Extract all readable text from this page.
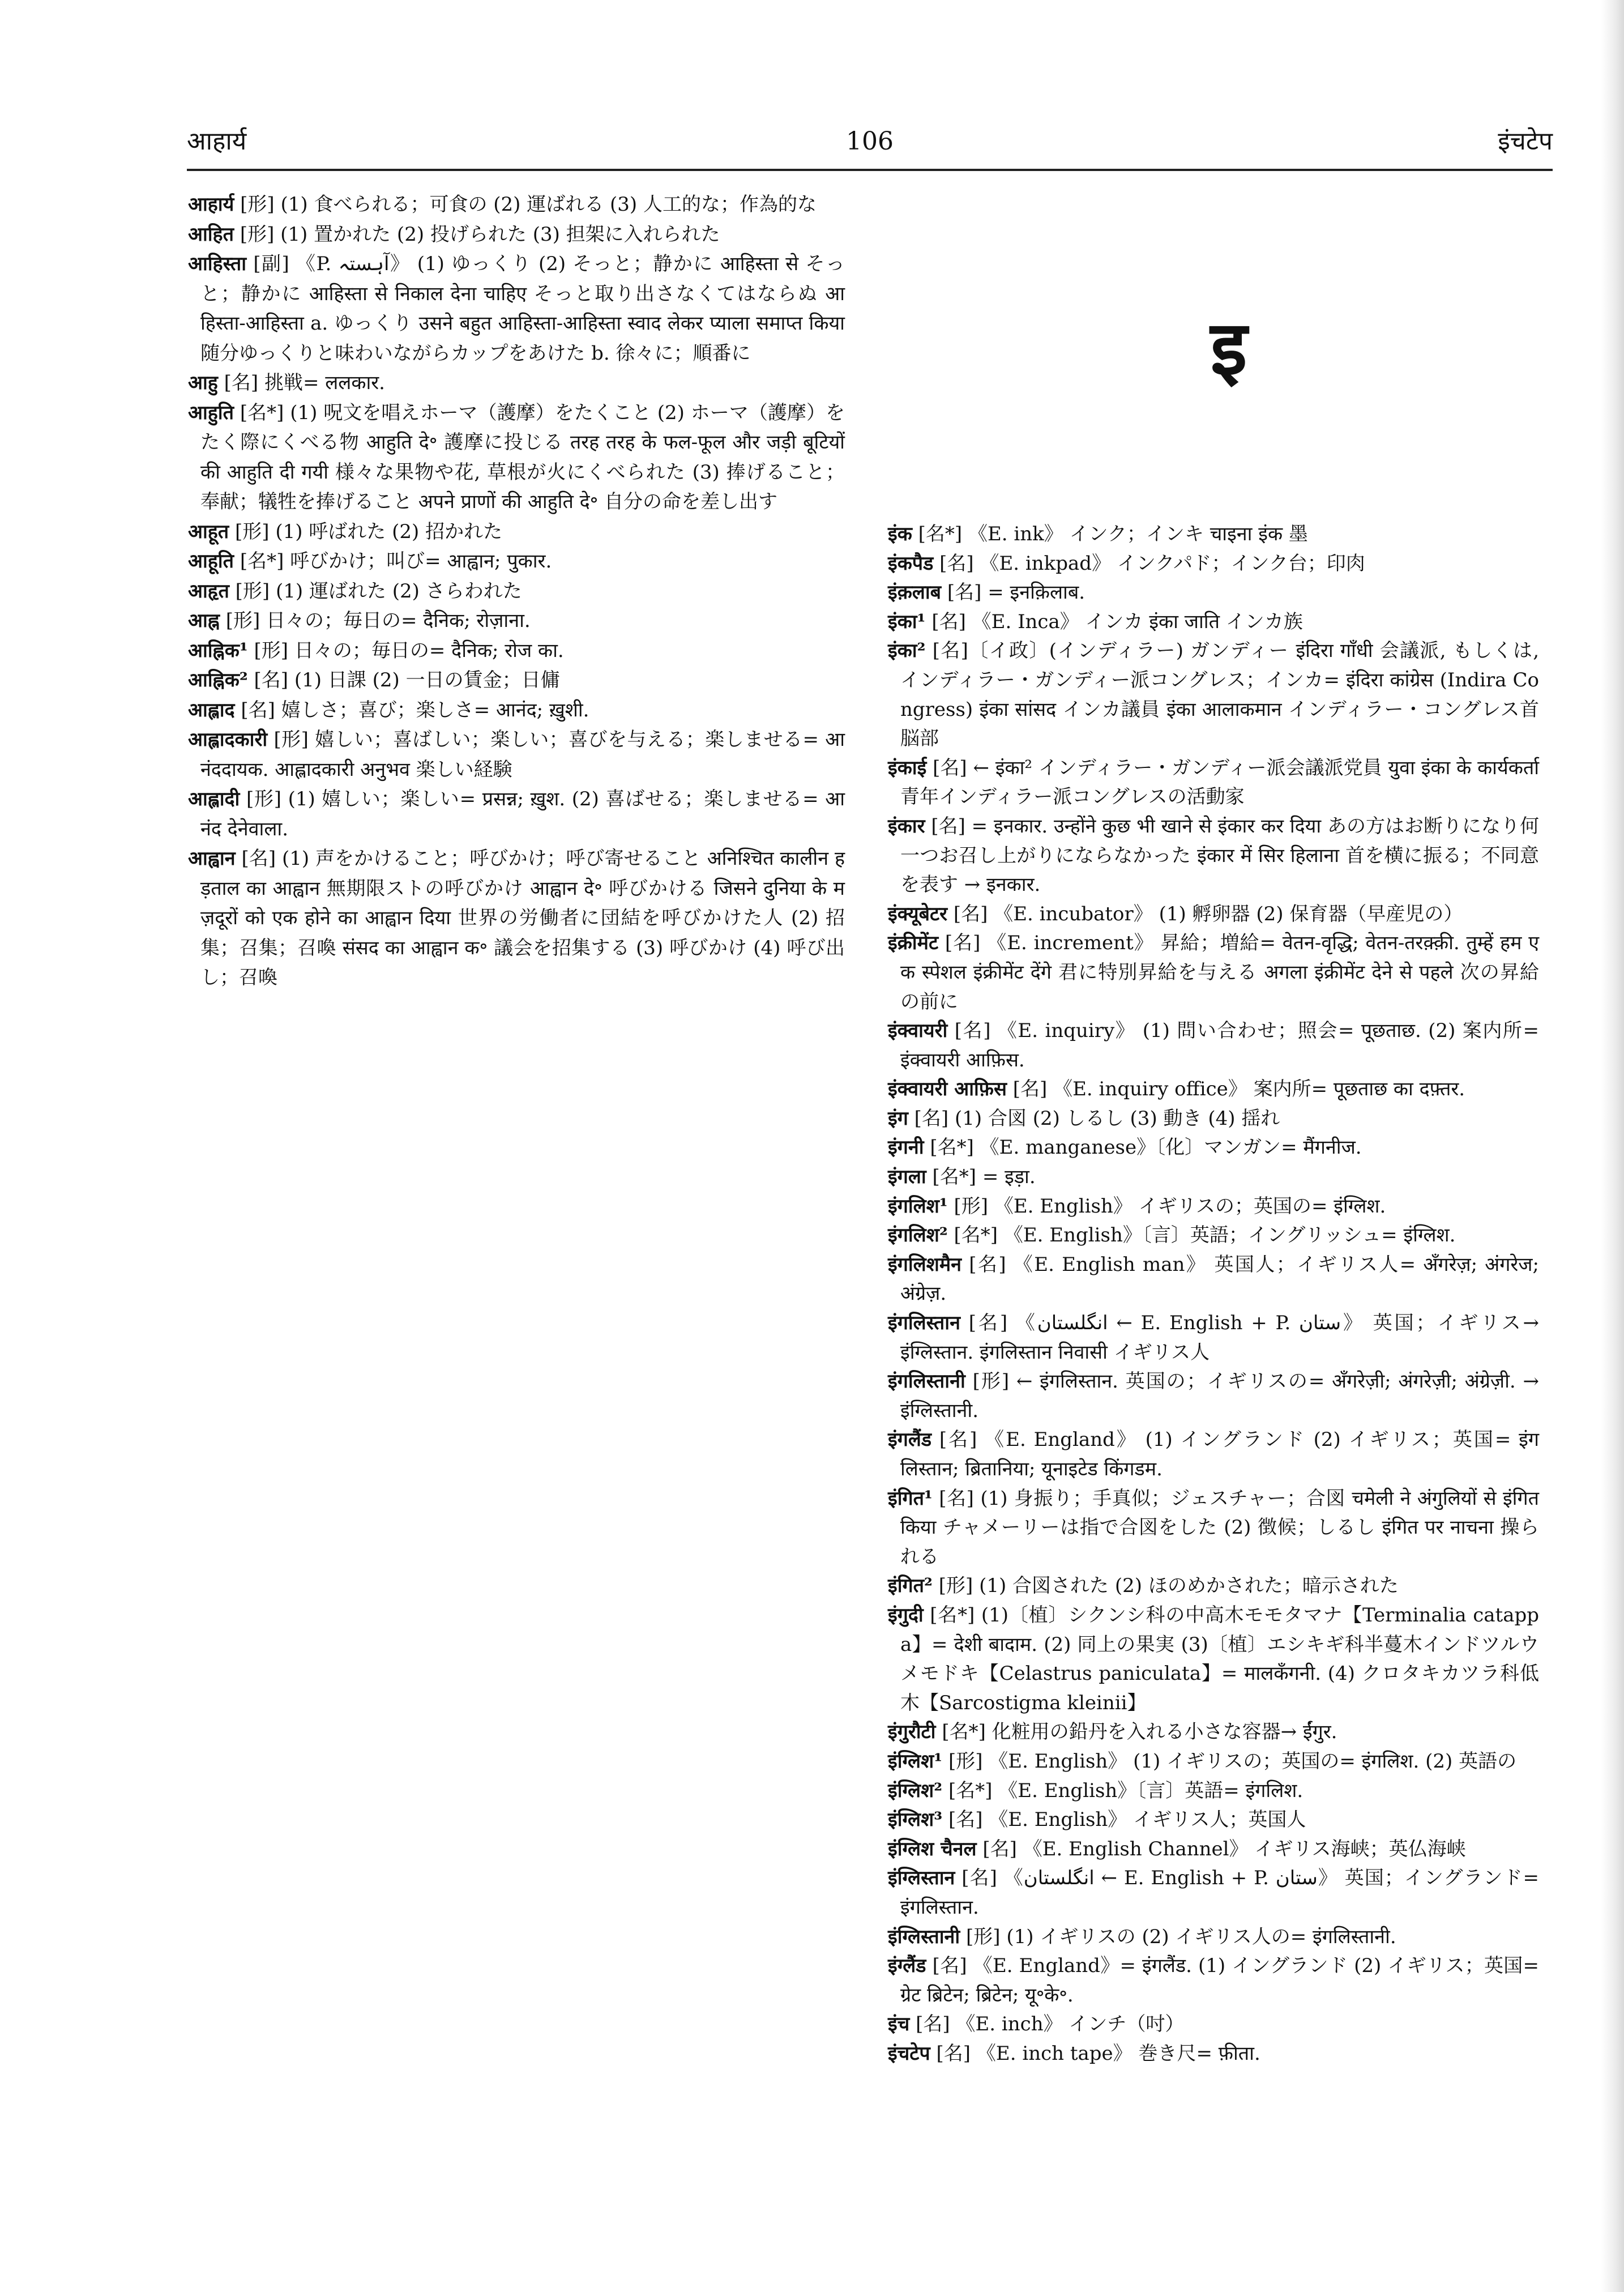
आहार्य	106	इंचटेप

आहार्य [形] (1) 食べられる；可食の (2) 運ばれる (3) 人工的な；作為的な

आहित [形] (1) 置かれた (2) 投げられた (3) 担架に入れられた

आहिस्ता [副] 《P. آہستہ》 (1) ゆっくり (2) そっと；静かに आहिस्ता से そっと；静かに आहिस्ता से निकाल देना चाहिए そっと取り出さなくてはならぬ आहिस्ता-आहिस्ता a. ゆっくり उसने बहुत आहिस्ता-आहिस्ता स्वाद लेकर प्याला समाप्त किया 随分ゆっくりと味わいながらカップをあけた b. 徐々に；順番に

आहु [名] 挑戦= ललकार.

आहुति [名*] (1) 呪文を唱えホーマ（護摩）をたくこと (2) ホーマ（護摩）をたく際にくべる物 आहुति दे॰ 護摩に投じる तरह तरह के फल-फूल और जड़ी बूटियों की आहुति दी गयी 様々な果物や花, 草根が火にくべられた (3) 捧げること；奉献；犠牲を捧げること अपने प्राणों की आहुति दे॰ 自分の命を差し出す

आहूत [形] (1) 呼ばれた (2) 招かれた

आहूति [名*] 呼びかけ；叫び= आह्वान; पुकार.

आहृत [形] (1) 運ばれた (2) さらわれた

आह्न [形] 日々の；毎日の= दैनिक; रोज़ाना.

आह्निक¹ [形] 日々の；毎日の= दैनिक; रोज का.

आह्निक² [名] (1) 日課 (2) 一日の賃金；日傭

आह्लाद [名] 嬉しさ；喜び；楽しさ= आनंद; ख़ुशी.

आह्लादकारी [形] 嬉しい；喜ばしい；楽しい；喜びを与える；楽しませる= आनंददायक. आह्लादकारी अनुभव 楽しい経験

आह्लादी [形] (1) 嬉しい；楽しい= प्रसन्न; ख़ुश. (2) 喜ばせる；楽しませる= आनंद देनेवाला.

आह्वान [名] (1) 声をかけること；呼びかけ；呼び寄せること अनिश्चित कालीन हड़ताल का आह्वान 無期限ストの呼びかけ आह्वान दे॰ 呼びかける जिसने दुनिया के मज़दूरों को एक होने का आह्वान दिया 世界の労働者に団結を呼びかけた人 (2) 招集；召集；召喚 संसद का आह्वान क॰ 議会を招集する (3) 呼びかけ (4) 呼び出し；召喚

इ

इंक [名*] 《E. ink》 インク；インキ चाइना इंक 墨

इंकपैड [名] 《E. inkpad》 インクパド；インク台；印肉

इंक़लाब [名] = इनक़िलाब.

इंका¹ [名] 《E. Inca》 インカ इंका जाति インカ族

इंका² [名]〔イ政〕(インディラー) ガンディー इंदिरा गाँधी 会議派, もしくは, インディラー・ガンディー派コングレス；インカ= इंदिरा कांग्रेस (Indira Congress) इंका सांसद インカ議員 इंका आलाकमान インディラー・コングレス首脳部

इंकाई [名] ← इंका² インディラー・ガンディー派会議派党員 युवा इंका के कार्यकर्ता 青年インディラー派コングレスの活動家

इंकार [名] = इनकार. उन्होंने कुछ भी खाने से इंकार कर दिया あの方はお断りになり何一つお召し上がりにならなかった इंकार में सिर हिलाना 首を横に振る；不同意を表す → इनकार.

इंक्यूबेटर [名] 《E. incubator》 (1) 孵卵器 (2) 保育器（早産児の）

इंक्रीमेंट [名] 《E. increment》 昇給；増給= वेतन-वृद्धि; वेतन-तरक़्क़ी. तुम्हें हम एक स्पेशल इंक्रीमेंट देंगे 君に特別昇給を与える अगला इंक्रीमेंट देने से पहले 次の昇給の前に

इंक्वायरी [名] 《E. inquiry》 (1) 問い合わせ；照会= पूछताछ. (2) 案内所= इंक्वायरी आफ़िस.

इंक्वायरी आफ़िस [名] 《E. inquiry office》 案内所= पूछताछ का दफ़्तर.

इंग [名] (1) 合図 (2) しるし (3) 動き (4) 揺れ

इंगनी [名*] 《E. manganese》〔化〕マンガン= मैंगनीज.

इंगला [名*] = इड़ा.

इंगलिश¹ [形] 《E. English》 イギリスの；英国の= इंग्लिश.

इंगलिश² [名*] 《E. English》〔言〕英語；イングリッシュ= इंग्लिश.

इंगलिशमैन [名] 《E. English man》 英国人；イギリス人= अँगरेज़; अंगरेज; अंग्रेज़.

इंगलिस्तान [名] 《انگلستان ← E. English + P. ستان》 英国；イギリス→ इंग्लिस्तान. इंगलिस्तान निवासी イギリス人

इंगलिस्तानी [形] ← इंगलिस्तान. 英国の；イギリスの= अँगरेज़ी; अंगरेज़ी; अंग्रेज़ी. → इंग्लिस्तानी.

इंगलैंड [名] 《E. England》 (1) イングランド (2) イギリス；英国= इंगलिस्तान; ब्रितानिया; यूनाइटेड किंगडम.

इंगित¹ [名] (1) 身振り；手真似；ジェスチャー；合図 चमेली ने अंगुलियों से इंगित किया チャメーリーは指で合図をした (2) 徴候；しるし इंगित पर नाचना 操られる

इंगित² [形] (1) 合図された (2) ほのめかされた；暗示された

इंगुदी [名*] (1)〔植〕シクンシ科の中高木モモタマナ【Terminalia catappa】= देशी बादाम. (2) 同上の果実 (3)〔植〕エシキギ科半蔓木インドツルウメモドキ【Celastrus paniculata】= मालकँगनी. (4) クロタキカツラ科低木【Sarcostigma kleinii】

इंगुरौटी [名*] 化粧用の鉛丹を入れる小さな容器→ ईंगुर.

इंग्लिश¹ [形] 《E. English》 (1) イギリスの；英国の= इंगलिश. (2) 英語の

इंग्लिश² [名*] 《E. English》〔言〕英語= इंगलिश.

इंग्लिश³ [名] 《E. English》 イギリス人；英国人

इंग्लिश चैनल [名] 《E. English Channel》 イギリス海峡；英仏海峡

इंग्लिस्तान [名] 《انگلستان ← E. English + P. ستان》 英国；イングランド= इंगलिस्तान.

इंग्लिस्तानी [形] (1) イギリスの (2) イギリス人の= इंगलिस्तानी.

इंग्लैंड [名] 《E. England》= इंगलैंड. (1) イングランド (2) イギリス；英国= ग्रेट ब्रिटेन; ब्रिटेन; यू॰के॰.

इंच [名] 《E. inch》 インチ（吋）

इंचटेप [名] 《E. inch tape》 巻き尺= फ़ीता.
